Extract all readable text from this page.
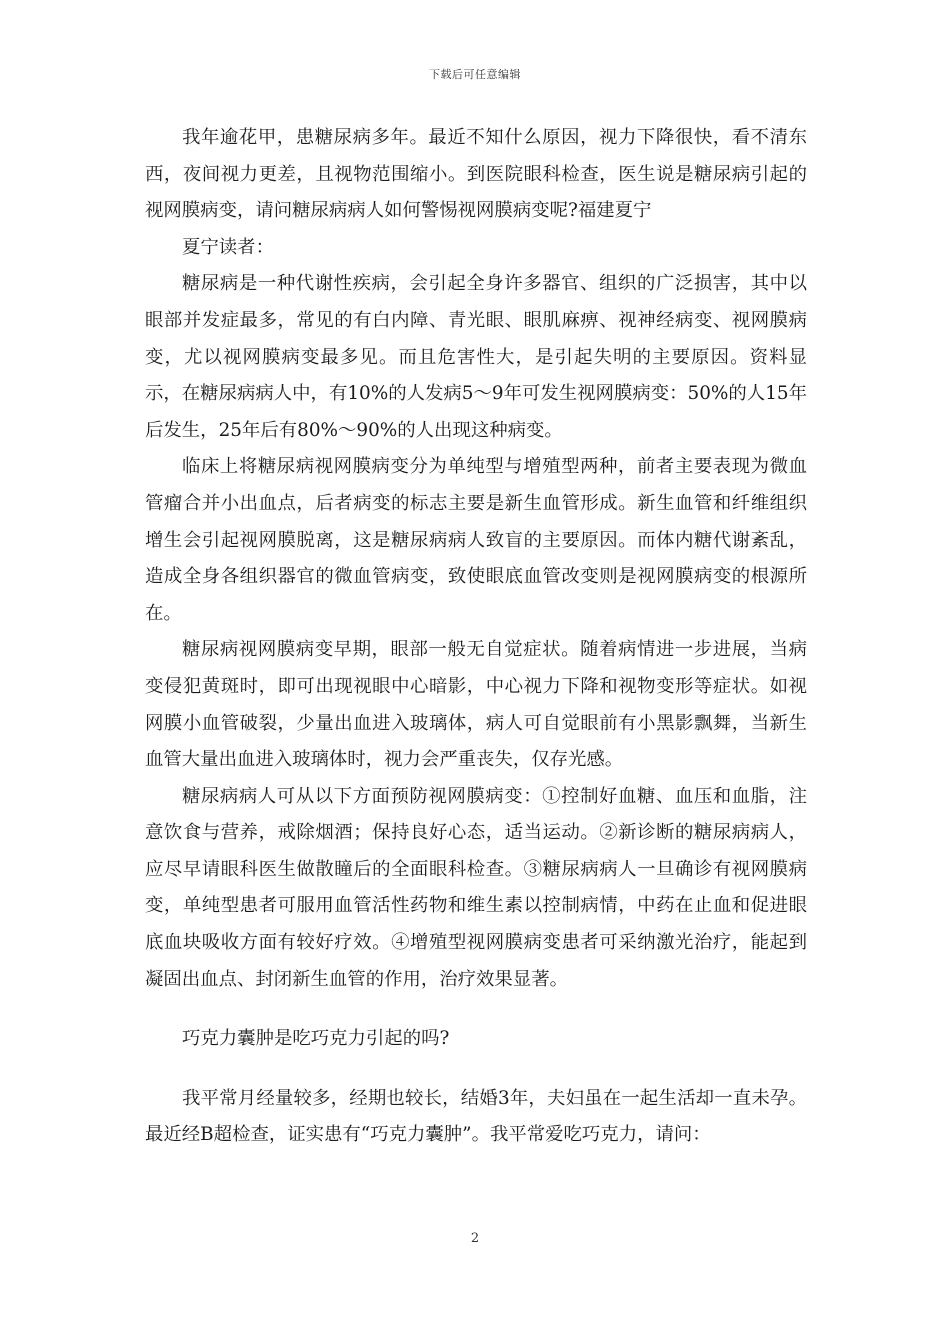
下载后可任意编辑

我年逾花甲，患糖尿病多年。最近不知什么原因，视力下降很快，看不清东西，夜间视力更差，且视物范围缩小。到医院眼科检查，医生说是糖尿病引起的视网膜病变，请问糖尿病病人如何警惕视网膜病变呢?福建夏宁

夏宁读者：

糖尿病是一种代谢性疾病，会引起全身许多器官、组织的广泛损害，其中以眼部并发症最多，常见的有白内障、青光眼、眼肌麻痹、视神经病变、视网膜病变，尤以视网膜病变最多见。而且危害性大，是引起失明的主要原因。资料显示，在糖尿病病人中，有10%的人发病5～9年可发生视网膜病变：50%的人15年后发生，25年后有80%～90%的人出现这种病变。

临床上将糖尿病视网膜病变分为单纯型与增殖型两种，前者主要表现为微血管瘤合并小出血点，后者病变的标志主要是新生血管形成。新生血管和纤维组织增生会引起视网膜脱离，这是糖尿病病人致盲的主要原因。而体内糖代谢紊乱，造成全身各组织器官的微血管病变，致使眼底血管改变则是视网膜病变的根源所在。

糖尿病视网膜病变早期，眼部一般无自觉症状。随着病情进一步进展，当病变侵犯黄斑时，即可出现视眼中心暗影，中心视力下降和视物变形等症状。如视网膜小血管破裂，少量出血进入玻璃体，病人可自觉眼前有小黑影飘舞，当新生血管大量出血进入玻璃体时，视力会严重丧失，仅存光感。

糖尿病病人可从以下方面预防视网膜病变：①控制好血糖、血压和血脂，注意饮食与营养，戒除烟酒；保持良好心态，适当运动。②新诊断的糖尿病病人，应尽早请眼科医生做散瞳后的全面眼科检查。③糖尿病病人一旦确诊有视网膜病变，单纯型患者可服用血管活性药物和维生素以控制病情，中药在止血和促进眼底血块吸收方面有较好疗效。④增殖型视网膜病变患者可采纳激光治疗，能起到凝固出血点、封闭新生血管的作用，治疗效果显著。

巧克力囊肿是吃巧克力引起的吗?

我平常月经量较多，经期也较长，结婚3年，夫妇虽在一起生活却一直未孕。最近经B超检查，证实患有“巧克力囊肿”。我平常爱吃巧克力，请问：

2
